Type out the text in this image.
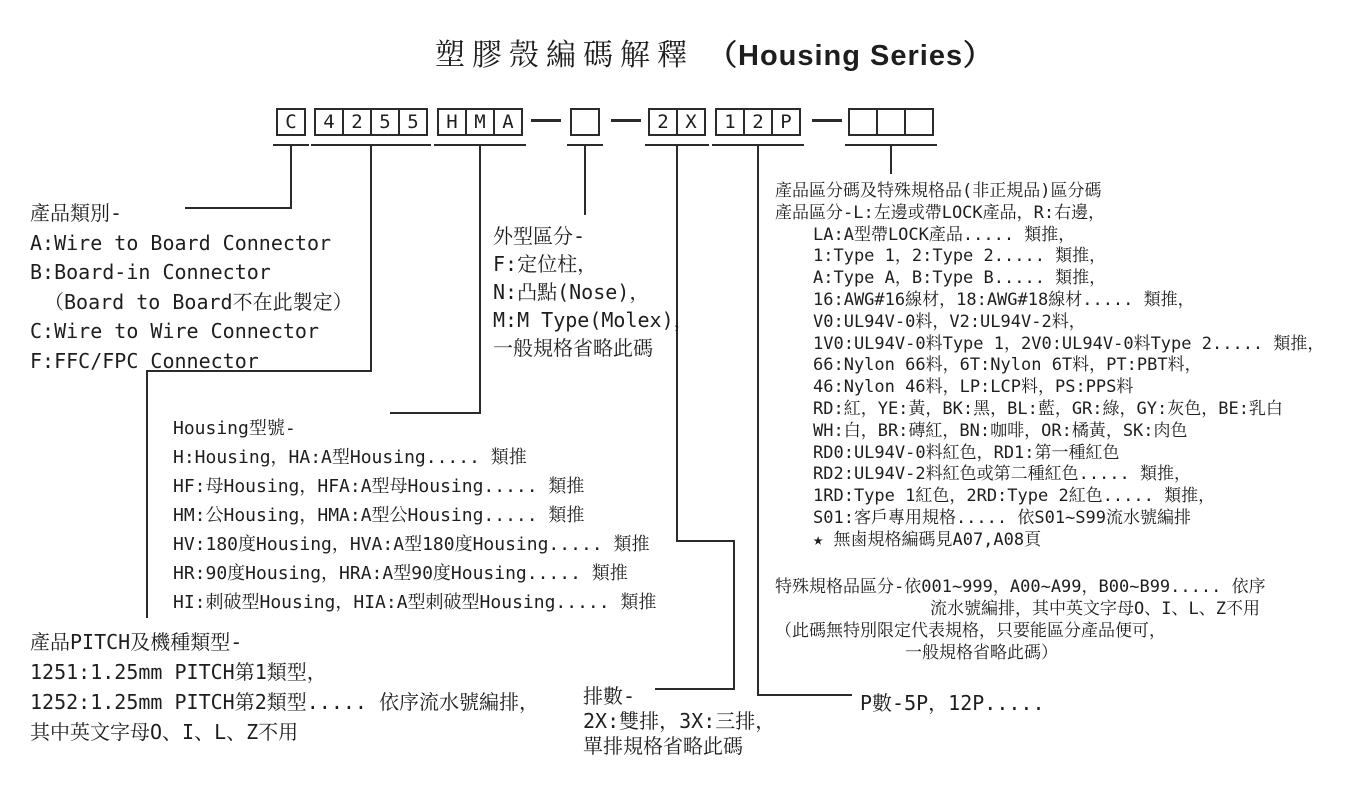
塑膠殼編碼解釋 （Housing Series）
C	4 2 5 5	H M A	2 X	1 2 P
產品類別-
A:Wire to Board Connector
B:Board-in Connector
（Board to Board不在此製定）
C:Wire to Wire Connector
F:FFC/FPC Connector
外型區分-
F:定位柱，
N:凸點(Nose)，
M:M Type(Molex)，
一般規格省略此碼
Housing型號-
H:Housing，HA:A型Housing..... 類推
HF:母Housing，HFA:A型母Housing..... 類推
HM:公Housing，HMA:A型公Housing..... 類推
HV:180度Housing，HVA:A型180度Housing..... 類推
HR:90度Housing，HRA:A型90度Housing..... 類推
HI:刺破型Housing，HIA:A型刺破型Housing..... 類推
產品PITCH及機種類型-
1251:1.25mm PITCH第1類型，
1252:1.25mm PITCH第2類型..... 依序流水號編排，
其中英文字母O、I、L、Z不用
產品區分碼及特殊規格品(非正規品)區分碼
產品區分-L:左邊或帶LOCK產品，R:右邊，
LA:A型帶LOCK產品..... 類推，
1:Type 1，2:Type 2..... 類推，
A:Type A，B:Type B..... 類推，
16:AWG#16線材，18:AWG#18線材..... 類推，
V0:UL94V-0料，V2:UL94V-2料，
1V0:UL94V-0料Type 1，2V0:UL94V-0料Type 2..... 類推，
66:Nylon 66料，6T:Nylon 6T料，PT:PBT料，
46:Nylon 46料，LP:LCP料，PS:PPS料
RD:紅，YE:黃，BK:黑，BL:藍，GR:綠，GY:灰色，BE:乳白
WH:白，BR:磚紅，BN:咖啡，OR:橘黃，SK:肉色
RD0:UL94V-0料紅色，RD1:第一種紅色
RD2:UL94V-2料紅色或第二種紅色..... 類推，
1RD:Type 1紅色，2RD:Type 2紅色..... 類推，
S01:客戶專用規格..... 依S01~S99流水號編排
★ 無鹵規格編碼見A07,A08頁
特殊規格品區分-依001~999，A00~A99，B00~B99..... 依序
流水號編排，其中英文字母O、I、L、Z不用
（此碼無特別限定代表規格，只要能區分產品便可，
一般規格省略此碼）
排數-
2X:雙排，3X:三排，
單排規格省略此碼
P數-5P，12P.....
